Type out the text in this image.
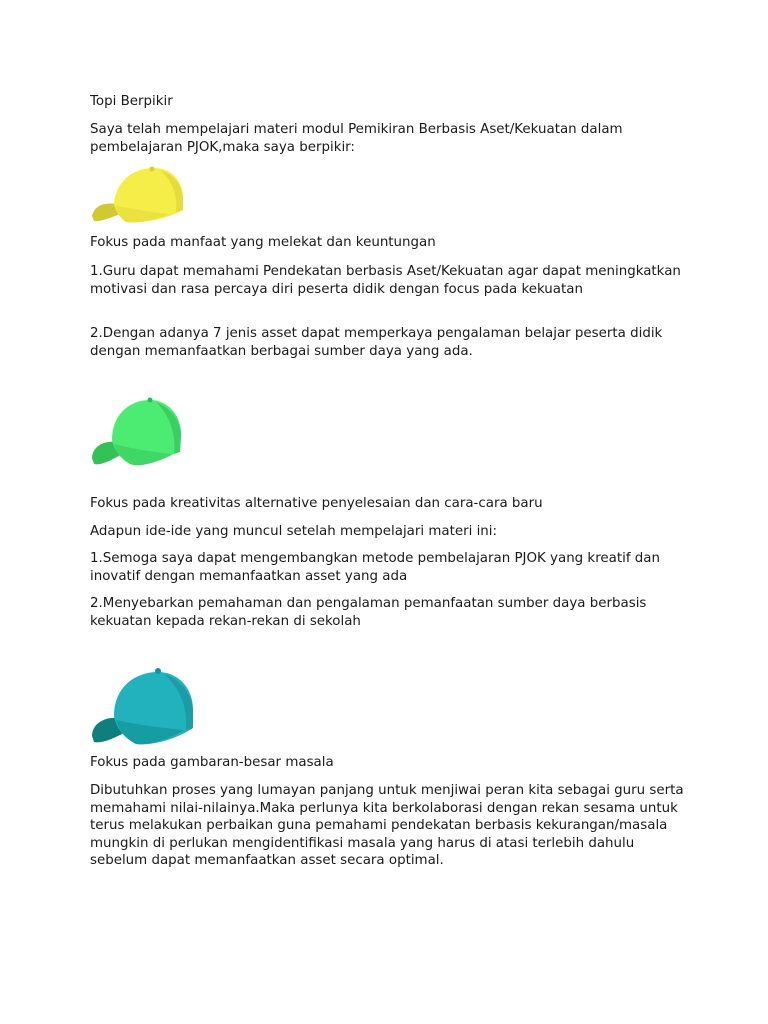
Topi Berpikir

Saya telah mempelajari materi modul Pemikiran Berbasis Aset/Kekuatan dalam pembelajaran PJOK,maka saya berpikir:

Fokus pada manfaat yang melekat dan keuntungan

1.Guru dapat memahami Pendekatan berbasis Aset/Kekuatan agar dapat meningkatkan motivasi dan rasa percaya diri peserta didik dengan focus pada kekuatan

2.Dengan adanya 7 jenis asset dapat memperkaya pengalaman belajar peserta didik dengan memanfaatkan berbagai sumber daya yang ada.

Fokus pada kreativitas alternative penyelesaian dan cara-cara baru

Adapun ide-ide yang muncul setelah mempelajari materi ini:

1.Semoga saya dapat mengembangkan metode pembelajaran PJOK yang kreatif dan inovatif dengan memanfaatkan asset yang ada

2.Menyebarkan pemahaman dan pengalaman pemanfaatan sumber daya berbasis kekuatan kepada rekan-rekan di sekolah

Fokus pada gambaran-besar masala

Dibutuhkan proses yang lumayan panjang untuk menjiwai peran kita sebagai guru serta memahami nilai-nilainya.Maka perlunya kita berkolaborasi dengan rekan sesama untuk terus melakukan perbaikan guna pemahami pendekatan berbasis kekurangan/masala mungkin di perlukan mengidentifikasi masala yang harus di atasi terlebih dahulu sebelum dapat memanfaatkan asset secara optimal.
